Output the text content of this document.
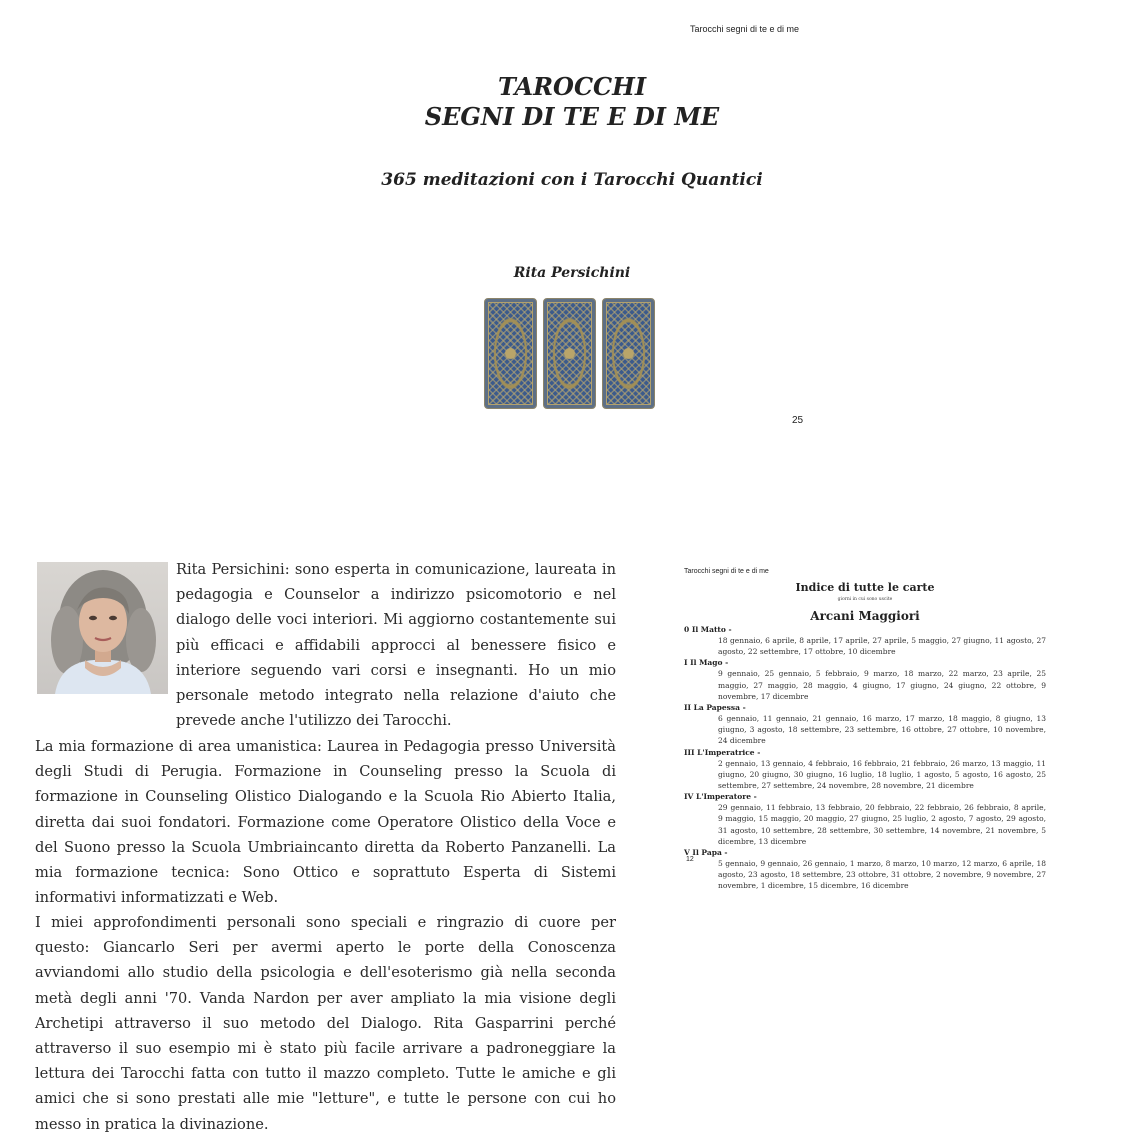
Tarocchi segni di te e di me
TAROCCHI
SEGNI DI TE E DI ME
365 meditazioni con i Tarocchi Quantici
Rita Persichini
25
Rita Persichini: sono esperta in comunicazione, laureata in pedagogia e Counselor a indirizzo psicomotorio e nel dialogo delle voci interiori. Mi aggiorno costantemente sui più efficaci e affidabili approcci al benessere fisico e interiore seguendo vari corsi e insegnanti. Ho un mio personale metodo integrato nella relazione d'aiuto che prevede anche l'utilizzo dei Tarocchi.
La mia formazione di area umanistica: Laurea in Pedagogia presso Università degli Studi di Perugia. Formazione in Counseling presso la Scuola di formazione in Counseling Olistico Dialogando e la Scuola Rio Abierto Italia, diretta dai suoi fondatori. Formazione come Operatore Olistico della Voce e del Suono presso la Scuola Umbriaincanto diretta da Roberto Panzanelli. La mia formazione tecnica: Sono Ottico e soprattuto Esperta di Sistemi informativi informatizzati e Web.
I miei approfondimenti personali sono speciali e ringrazio di cuore per questo: Giancarlo Seri per avermi aperto le porte della Conoscenza avviandomi allo studio della psicologia e dell'esoterismo già nella seconda metà degli anni '70. Vanda Nardon per aver ampliato la mia visione degli Archetipi attraverso il suo metodo del Dialogo. Rita Gasparrini perché attraverso il suo esempio mi è stato più facile arrivare a padroneggiare la lettura dei Tarocchi fatta con tutto il mazzo completo. Tutte le amiche e gli amici che si sono prestati alle mie "letture", e tutte le persone con cui ho messo in pratica la divinazione.
Tarocchi segni di te e di me
Indice di tutte le carte
giorni in cui sono uscite
Arcani Maggiori
0 Il Matto -
18 gennaio, 6 aprile, 8 aprile, 17 aprile, 27 aprile, 5 maggio, 27 giugno, 11 agosto, 27 agosto, 22 settembre, 17 ottobre, 10 dicembre
I Il Mago -
9 gennaio, 25 gennaio, 5 febbraio, 9 marzo, 18 marzo, 22 marzo, 23 aprile, 25 maggio, 27 maggio, 28 maggio, 4 giugno, 17 giugno, 24 giugno, 22 ottobre, 9 novembre, 17 dicembre
II La Papessa -
6 gennaio, 11 gennaio, 21 gennaio, 16 marzo, 17 marzo, 18 maggio, 8 giugno, 13 giugno, 3 agosto, 18 settembre, 23 settembre, 16 ottobre, 27 ottobre, 10 novembre, 24 dicembre
III L'Imperatrice -
2 gennaio, 13 gennaio, 4 febbraio, 16 febbraio, 21 febbraio, 26 marzo, 13 maggio, 11 giugno, 20 giugno, 30 giugno, 16 luglio, 18 luglio, 1 agosto, 5 agosto, 16 agosto, 25 settembre, 27 settembre, 24 novembre, 28 novembre, 21 dicembre
IV L'Imperatore -
29 gennaio, 11 febbraio, 13 febbraio, 20 febbraio, 22 febbraio, 26 febbraio, 8 aprile, 9 maggio, 15 maggio, 20 maggio, 27 giugno, 25 luglio, 2 agosto, 7 agosto, 29 agosto, 31 agosto, 10 settembre, 28 settembre, 30 settembre, 14 novembre, 21 novembre, 5 dicembre, 13 dicembre
V Il Papa -
5 gennaio, 9 gennaio, 26 gennaio, 1 marzo, 8 marzo, 10 marzo, 12 marzo, 6 aprile, 18 agosto, 23 agosto, 18 settembre, 23 ottobre, 31 ottobre, 2 novembre, 9 novembre, 27 novembre, 1 dicembre, 15 dicembre, 16 dicembre
12
